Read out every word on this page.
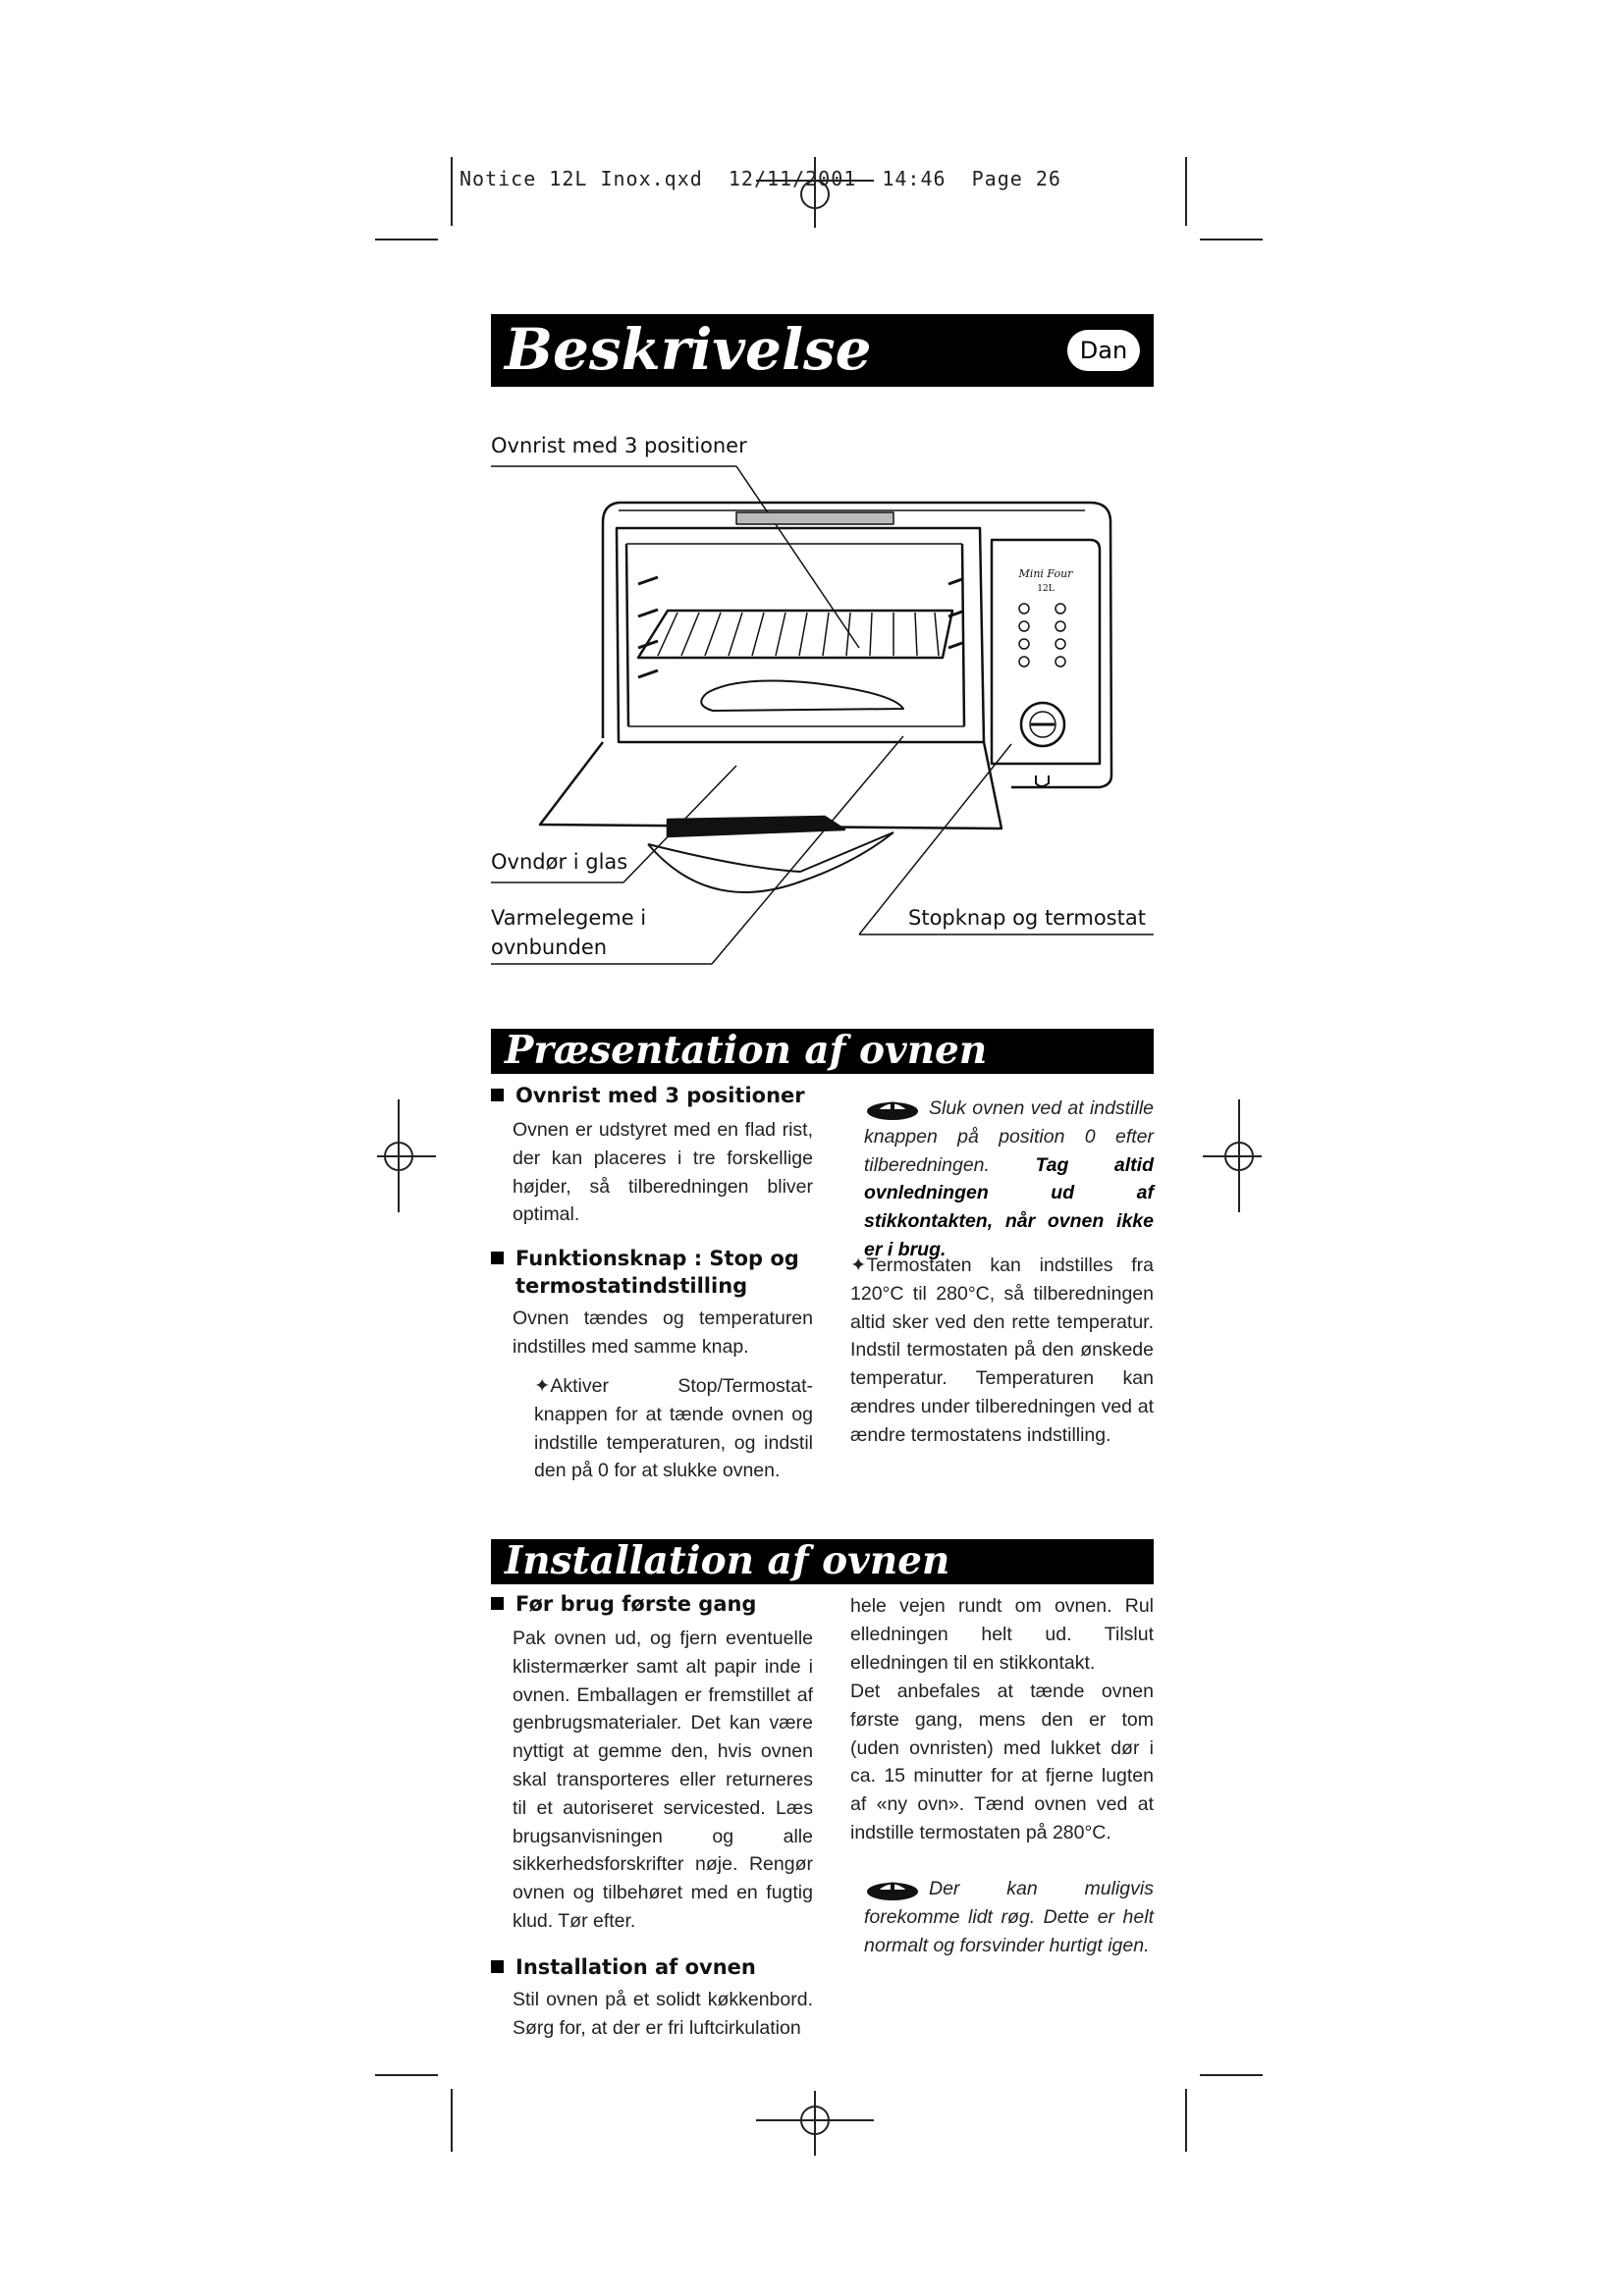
Notice 12L Inox.qxd  12/11/2001  14:46  Page 26
Beskrivelse	Dan
Ovnrist med 3 positioner
Ovndør i glas
Varmelegeme i
ovnbunden
Stopknap og termostat
Mini Four
12L
Præsentation af ovnen
Ovnrist med 3 positioner

Ovnen er udstyret med en flad rist, der kan placeres i tre forskellige højder, så tilberedningen bliver optimal.

Funktionsknap : Stop og
termostatindstilling

Ovnen tændes og temperaturen indstilles med samme knap.

✦Aktiver Stop/Termostat-knappen for at tænde ovnen og indstille temperaturen, og indstil den på 0 for at slukke ovnen.

Sluk ovnen ved at indstille knappen på position 0 efter tilberedningen. Tag altid ovnledningen ud af stikkontakten, når ovnen ikke er i brug.

✦Termostaten kan indstilles fra 120°C til 280°C, så tilberedningen altid sker ved den rette temperatur. Indstil termostaten på den ønskede temperatur. Temperaturen kan ændres under tilberedningen ved at ændre termostatens indstilling.

Installation af ovnen
Før brug første gang

Pak ovnen ud, og fjern eventuelle klistermærker samt alt papir inde i ovnen. Emballagen er fremstillet af genbrugsmaterialer. Det kan være nyttigt at gemme den, hvis ovnen skal transporteres eller returneres til et autoriseret servicested. Læs brugsanvisningen og alle sikkerhedsforskrifter nøje. Rengør ovnen og tilbehøret med en fugtig klud. Tør efter.

Installation af ovnen

Stil ovnen på et solidt køkkenbord. Sørg for, at der er fri luftcirkulation

hele vejen rundt om ovnen. Rul elledningen helt ud. Tilslut elledningen til en stikkontakt.

Det anbefales at tænde ovnen første gang, mens den er tom (uden ovnristen) med lukket dør i ca. 15 minutter for at fjerne lugten af «ny ovn». Tænd ovnen ved at indstille termostaten på 280°C.

Der kan muligvis forekomme lidt røg. Dette er helt normalt og forsvinder hurtigt igen.
